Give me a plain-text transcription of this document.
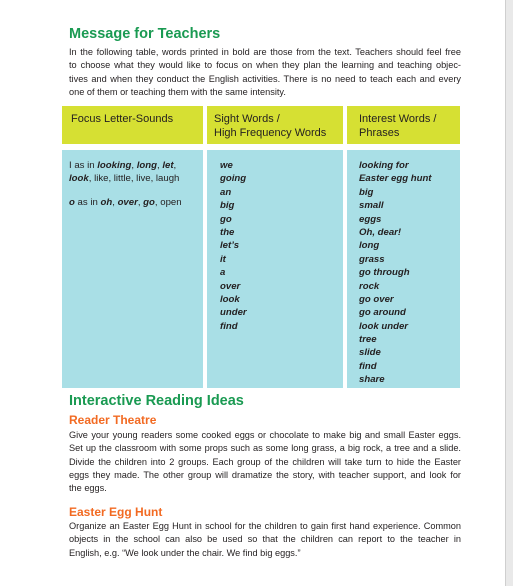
Message for Teachers

In the following table, words printed in bold are those from the text. Teachers should feel free
to choose what they would like to focus on when they plan the learning and teaching objec-
tives and when they conduct the English activities. There is no need to teach each and every
one of them or teaching them with the same intensity.

Focus Letter-Sounds	Sight Words /
High Frequency Words
Interest Words /
Phrases
I as in looking, long, let,
look, like, little, live, laugh
o as in oh, over, go, open
we
going
an
big
go
the
let’s
it
a
over
look
under
find
looking for
Easter egg hunt
big
small
eggs
Oh, dear!
long
grass
go through
rock
go over
go around
look under
tree
slide
find
share
Interactive Reading Ideas
Reader Theatre

Give your young readers some cooked eggs or chocolate to make big and small Easter eggs.
Set up the classroom with some props such as some long grass, a big rock, a tree and a slide.
Divide the children into 2 groups. Each group of the children will take turn to hide the Easter
eggs they made. The other group will dramatize the story, with teacher support, and look for
the eggs.

Easter Egg Hunt

Organize an Easter Egg Hunt in school for the children to gain first hand experience. Common
objects in the school can also be used so that the children can report to the teacher in
English, e.g. “We look under the chair. We find big eggs.”
